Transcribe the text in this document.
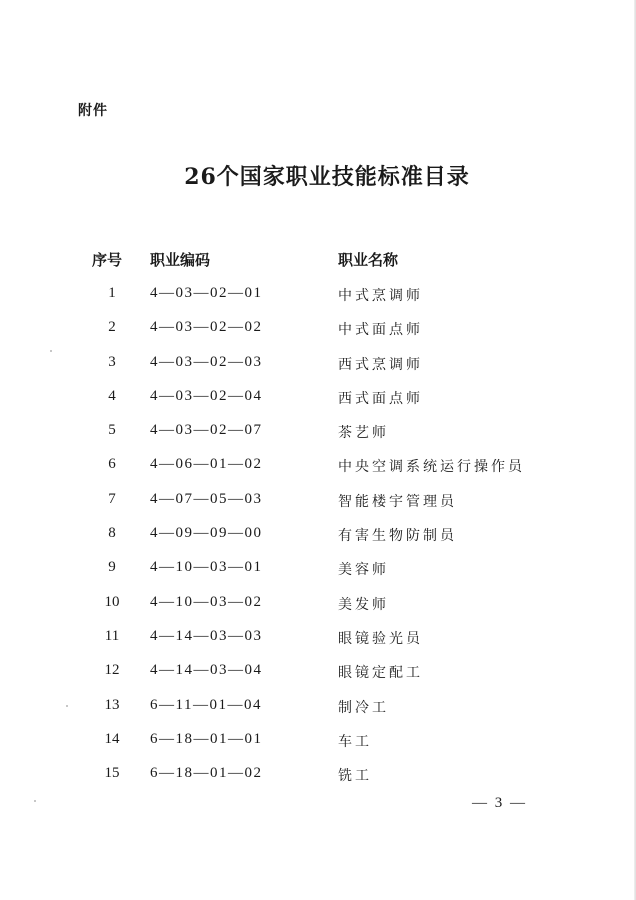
附件
26个国家职业技能标准目录
序号	职业编码	职业名称
1	4—03—02—01	中式烹调师
2	4—03—02—02	中式面点师
3	4—03—02—03	西式烹调师
4	4—03—02—04	西式面点师
5	4—03—02—07	茶艺师
6	4—06—01—02	中央空调系统运行操作员
7	4—07—05—03	智能楼宇管理员
8	4—09—09—00	有害生物防制员
9	4—10—03—01	美容师
10	4—10—03—02	美发师
11	4—14—03—03	眼镜验光员
12	4—14—03—04	眼镜定配工
13	6—11—01—04	制冷工
14	6—18—01—01	车工
15	6—18—01—02	铣工
— 3 —
